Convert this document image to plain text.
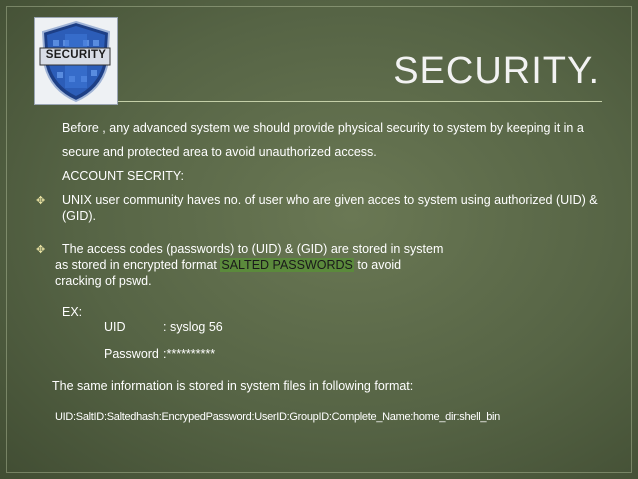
SECURITY	SECURITY.
Before , any advanced system we should provide physical security to system by keeping it in a
secure and protected area to avoid unauthorized access.
ACCOUNT SECRITY:
✥ UNIX user community haves no. of user who are given acces to system using authorized (UID) &
(GID).
✥ The access codes (passwords) to (UID) & (GID) are stored in system
as stored in encrypted format SALTED PASSWORDS to avoid
cracking of pswd.
EX:
UID	: syslog 56
Password :**********
The same information is stored in system files in following format:
UID:SaltID:Saltedhash:EncrypedPassword:UserID:GroupID:Complete_Name:home_dir:shell_bin
